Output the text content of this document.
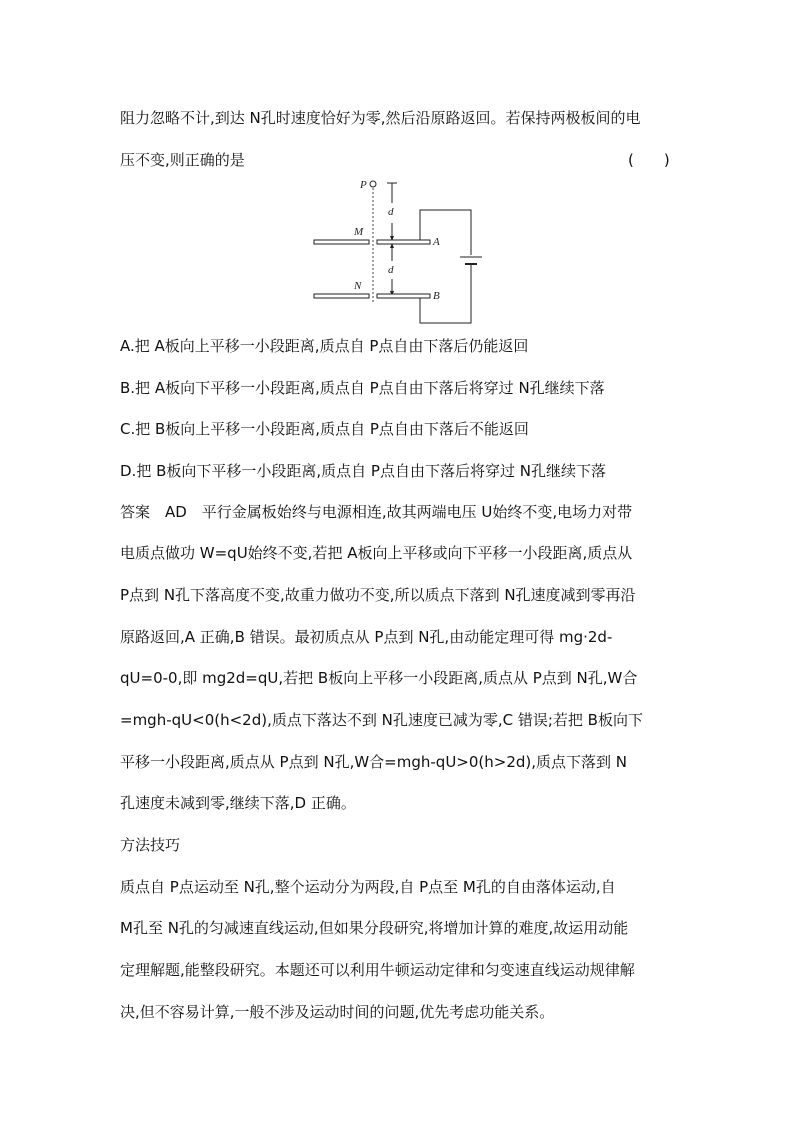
阻力忽略不计,到达 N孔时速度恰好为零,然后沿原路返回。若保持两极板间的电
压不变,则正确的是	(　　)
P
d
d
M
A
N
B
A.把 A板向上平移一小段距离,质点自 P点自由下落后仍能返回
B.把 A板向下平移一小段距离,质点自 P点自由下落后将穿过 N孔继续下落
C.把 B板向上平移一小段距离,质点自 P点自由下落后不能返回
D.把 B板向下平移一小段距离,质点自 P点自由下落后将穿过 N孔继续下落
答案　AD　平行金属板始终与电源相连,故其两端电压 U始终不变,电场力对带
电质点做功 W=qU始终不变,若把 A板向上平移或向下平移一小段距离,质点从
P点到 N孔下落高度不变,故重力做功不变,所以质点下落到 N孔速度减到零再沿
原路返回,A 正确,B 错误。最初质点从 P点到 N孔,由动能定理可得 mg·2d-
qU=0-0,即 mg2d=qU,若把 B板向上平移一小段距离,质点从 P点到 N孔,W合
=mgh-qU<0(h<2d),质点下落达不到 N孔速度已减为零,C 错误;若把 B板向下
平移一小段距离,质点从 P点到 N孔,W合=mgh-qU>0(h>2d),质点下落到 N
孔速度未减到零,继续下落,D 正确。
方法技巧
质点自 P点运动至 N孔,整个运动分为两段,自 P点至 M孔的自由落体运动,自
M孔至 N孔的匀减速直线运动,但如果分段研究,将增加计算的难度,故运用动能
定理解题,能整段研究。本题还可以利用牛顿运动定律和匀变速直线运动规律解
决,但不容易计算,一般不涉及运动时间的问题,优先考虑功能关系。
